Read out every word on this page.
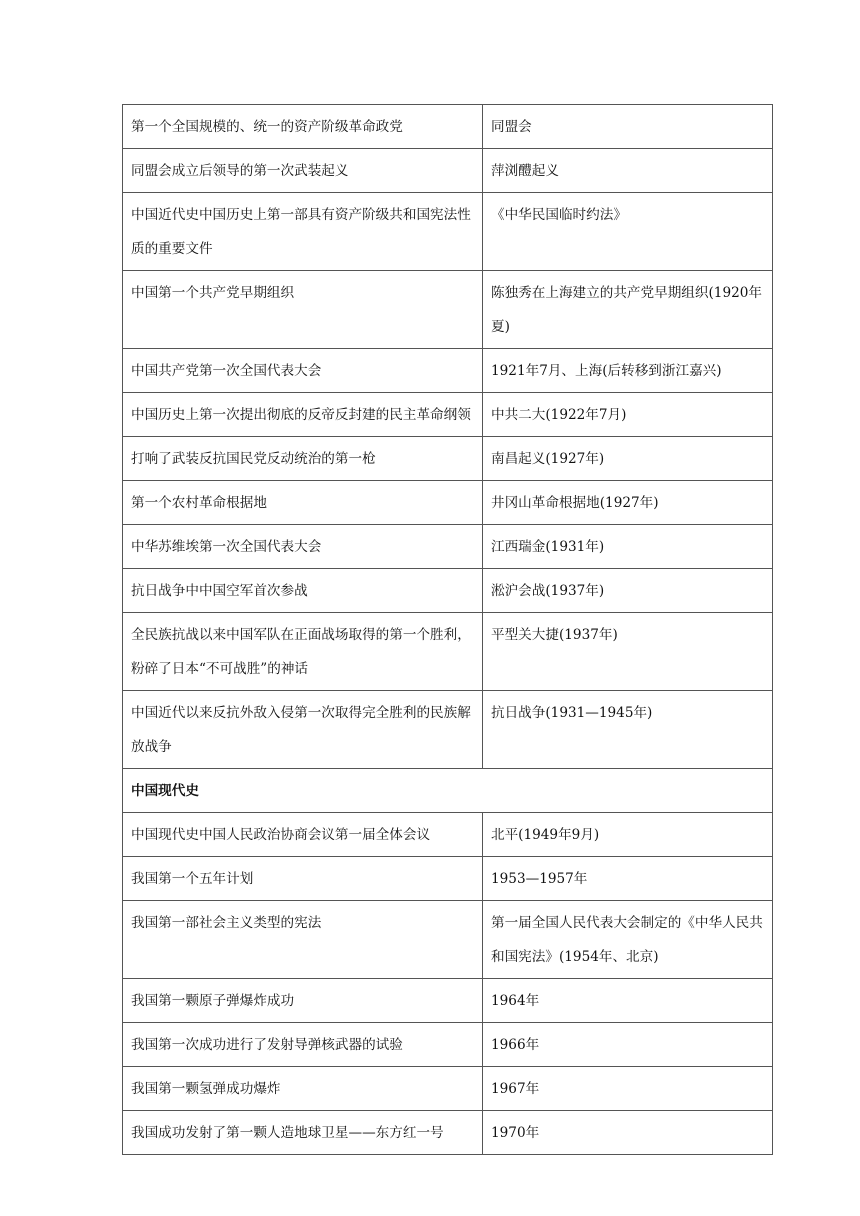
第一个全国规模的、统一的资产阶级革命政党	同盟会

同盟会成立后领导的第一次武装起义	萍浏醴起义

中国近代史中国历史上第一部具有资产阶级共和国宪法性质的重要文件	《中华民国临时约法》

中国第一个共产党早期组织	陈独秀在上海建立的共产党早期组织(1920年夏)

中国共产党第一次全国代表大会	1921年7月、上海(后转移到浙江嘉兴)

中国历史上第一次提出彻底的反帝反封建的民主革命纲领	中共二大(1922年7月)

打响了武装反抗国民党反动统治的第一枪	南昌起义(1927年)

第一个农村革命根据地	井冈山革命根据地(1927年)

中华苏维埃第一次全国代表大会	江西瑞金(1931年)

抗日战争中中国空军首次参战	淞沪会战(1937年)

全民族抗战以来中国军队在正面战场取得的第一个胜利，粉碎了日本“不可战胜”的神话	平型关大捷(1937年)

中国近代以来反抗外敌入侵第一次取得完全胜利的民族解放战争	抗日战争(1931—1945年)

中国现代史	

中国现代史中国人民政治协商会议第一届全体会议	北平(1949年9月)

我国第一个五年计划	1953—1957年

我国第一部社会主义类型的宪法	第一届全国人民代表大会制定的《中华人民共和国宪法》(1954年、北京)

我国第一颗原子弹爆炸成功	1964年

我国第一次成功进行了发射导弹核武器的试验	1966年

我国第一颗氢弹成功爆炸	1967年

我国成功发射了第一颗人造地球卫星——东方红一号	1970年
